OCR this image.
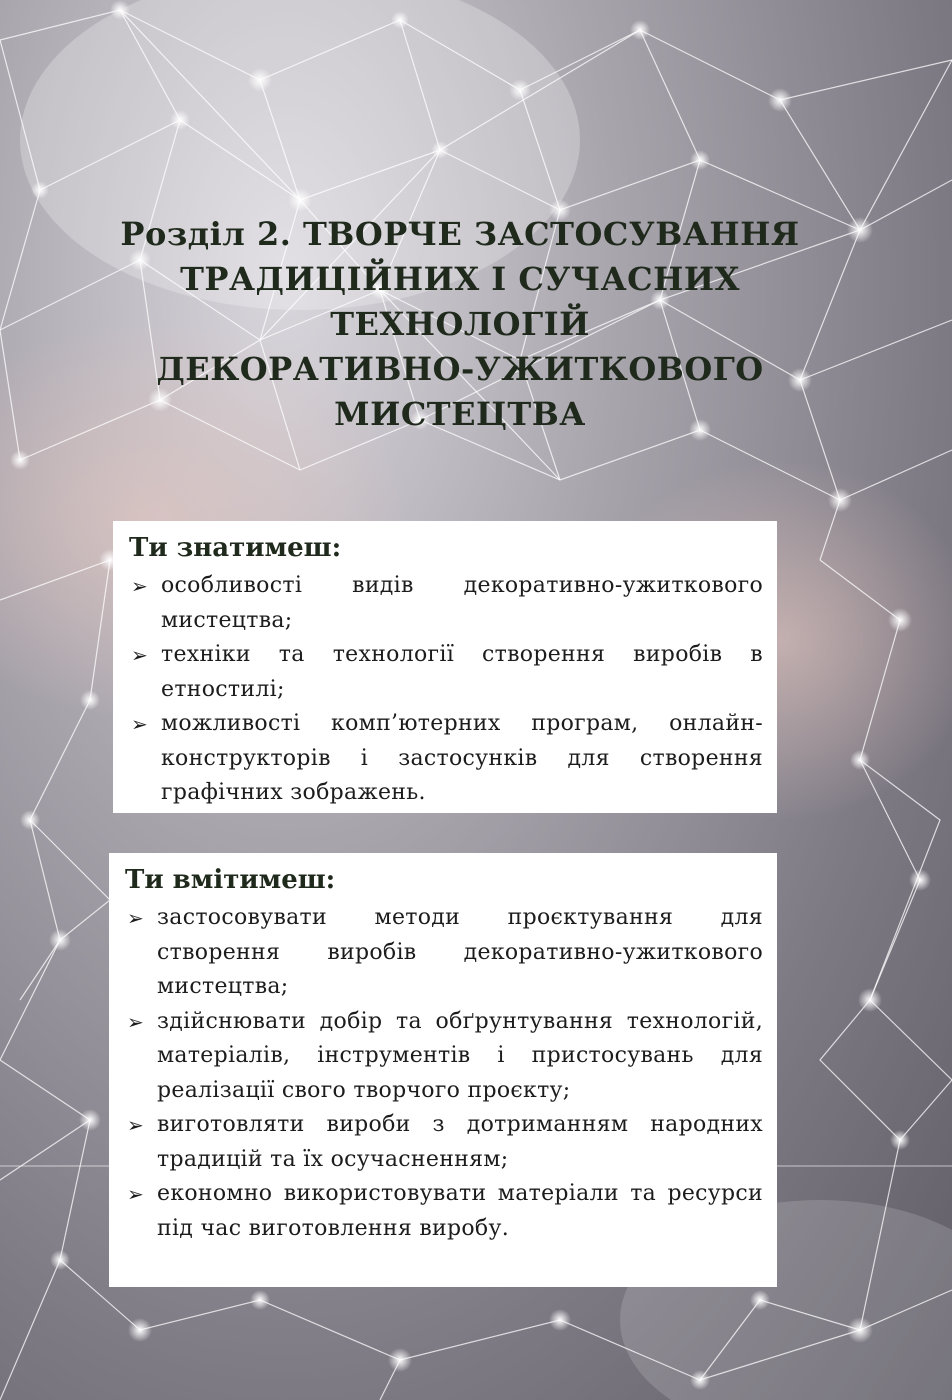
Розділ 2. ТВОРЧЕ ЗАСТОСУВАННЯ
ТРАДИЦІЙНИХ І СУЧАСНИХ
ТЕХНОЛОГІЙ
ДЕКОРАТИВНО-УЖИТКОВОГО
МИСТЕЦТВА
Ти знатимеш:
➢ особливості видів декоративно-ужиткового мистецтва;
➢ техніки та технології створення виробів в етностилі;
➢ можливості комп’ютерних програм, онлайн-конструкторів і застосунків для створення графічних зображень.
Ти вмітимеш:
➢ застосовувати методи проєктування для створення виробів декоративно-ужиткового мистецтва;
➢ здійснювати добір та обґрунтування технологій, матеріалів, інструментів і пристосувань для реалізації свого творчого проєкту;
➢ виготовляти вироби з дотриманням народних традицій та їх осучасненням;
➢ економно використовувати матеріали та ресурси під час виготовлення виробу.
